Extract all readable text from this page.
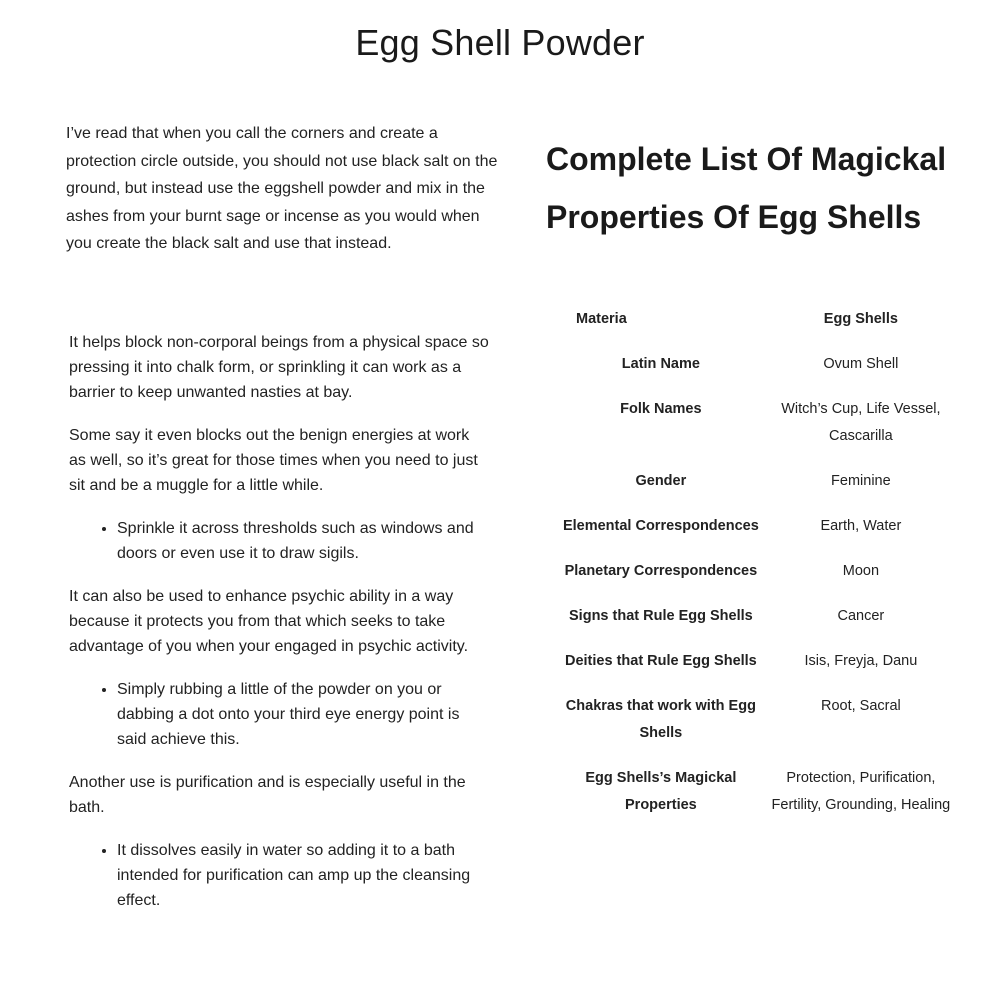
Egg Shell Powder

I’ve read that when you call the corners and create a protection circle outside, you should not use black salt on the ground, but instead use the eggshell powder and mix in the ashes from your burnt sage or incense as you would when you create the black salt and use that instead.

It helps block non-corporal beings from a physical space so pressing it into chalk form, or sprinkling it can work as a barrier to keep unwanted nasties at bay.

Some say it even blocks out the benign energies at work as well, so it’s great for those times when you need to just sit and be a muggle for a little while.

• Sprinkle it across thresholds such as windows and doors or even use it to draw sigils.

It can also be used to enhance psychic ability in a way because it protects you from that which seeks to take advantage of you when your engaged in psychic activity.

• Simply rubbing a little of the powder on you or dabbing a dot onto your third eye energy point is said achieve this.

Another use is purification and is especially useful in the bath.

• It dissolves easily in water so adding it to a bath intended for purification can amp up the cleansing effect.
Complete List Of Magickal Properties Of Egg Shells
Materia	Egg Shells
Latin Name	Ovum Shell
Folk Names	Witch’s Cup, Life Vessel, Cascarilla
Gender	Feminine
Elemental Correspondences	Earth, Water
Planetary Correspondences	Moon
Signs that Rule Egg Shells	Cancer
Deities that Rule Egg Shells	Isis, Freyja, Danu
Chakras that work with Egg Shells	Root, Sacral
Egg Shells’s Magickal Properties	Protection, Purification, Fertility, Grounding, Healing
